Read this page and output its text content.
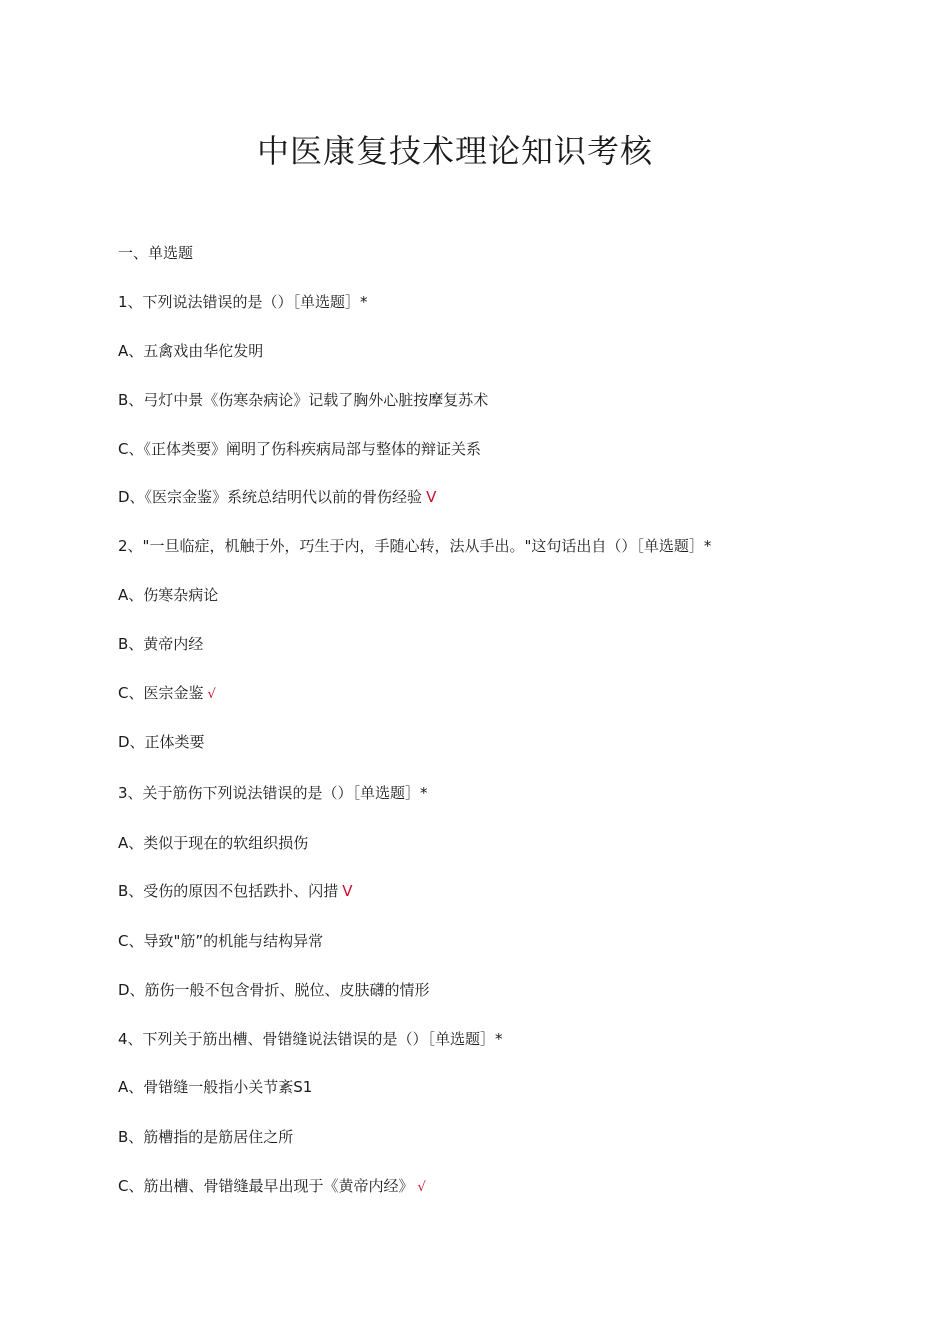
中医康复技术理论知识考核
一、单选题
1、下列说法错误的是（）［单选题］*
A、五禽戏由华佗发明
B、弓灯中景《伤寒杂病论》记载了胸外心脏按摩复苏术
C、《正体类要》阐明了伤科疾病局部与整体的辩证关系
D、《医宗金鉴》系统总结明代以前的骨伤经验 V
2、"一旦临症，机触于外，巧生于内，手随心转，法从手出。"这句话出自（）［单选题］*
A、伤寒杂病论
B、黄帝内经
C、医宗金鉴 √
D、正体类要
3、关于筋伤下列说法错误的是（）［单选题］*
A、类似于现在的软组织损伤
B、受伤的原因不包括跌扑、闪措 V
C、导致"筋”的机能与结构异常
D、筋伤一般不包含骨折、脱位、皮肤礴的情形
4、下列关于筋出槽、骨错缝说法错误的是（）［单选题］*
A、骨错缝一般指小关节紊S1
B、筋槽指的是筋居住之所
C、筋出槽、骨错缝最早出现于《黄帝内经》 √
